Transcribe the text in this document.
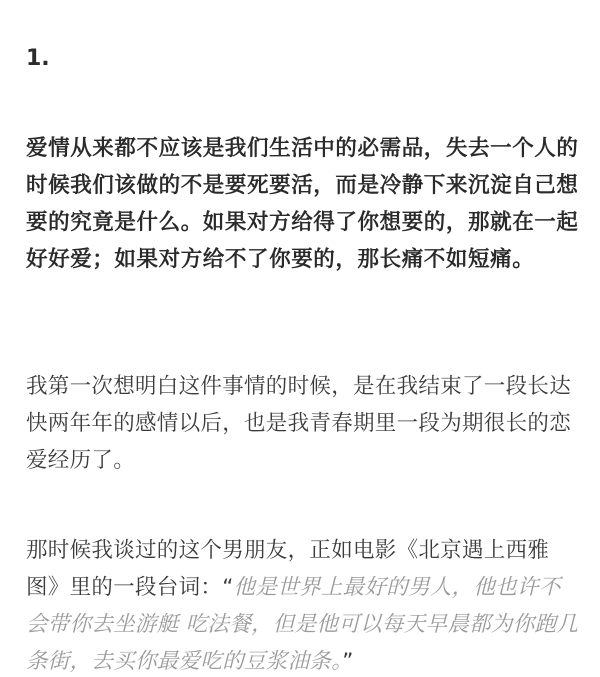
1.

爱情从来都不应该是我们生活中的必需品，失去一个人的时候我们该做的不是要死要活，而是冷静下来沉淀自己想要的究竟是什么。如果对方给得了你想要的，那就在一起好好爱；如果对方给不了你要的，那长痛不如短痛。

我第一次想明白这件事情的时候，是在我结束了一段长达快两年年的感情以后，也是我青春期里一段为期很长的恋爱经历了。

那时候我谈过的这个男朋友，正如电影《北京遇上西雅图》里的一段台词：“他是世界上最好的男人，他也许不会带你去坐游艇 吃法餐，但是他可以每天早晨都为你跑几条街，去买你最爱吃的豆浆油条。”
